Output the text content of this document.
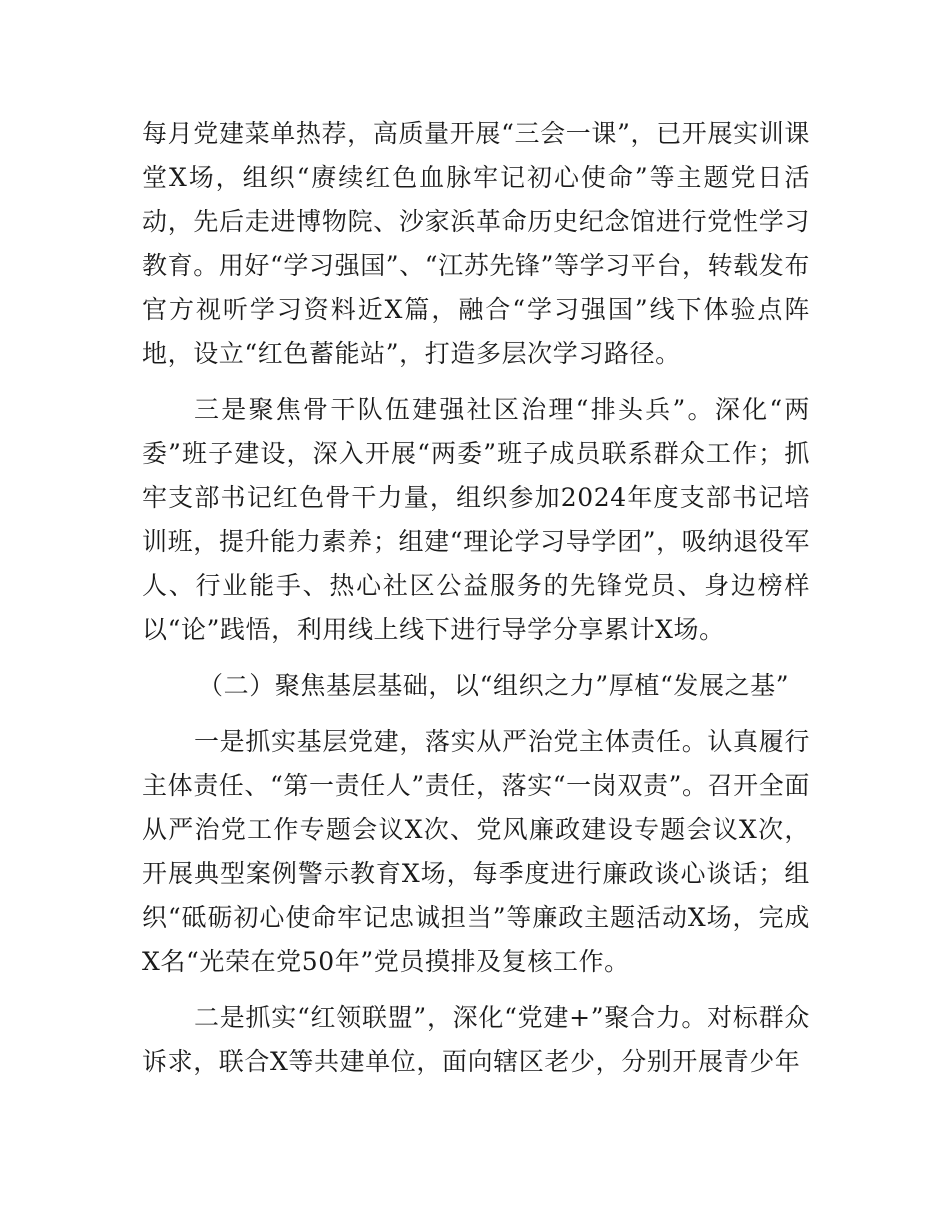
每月党建菜单热荐，高质量开展“三会一课”，已开展实训课堂X场，组织“赓续红色血脉牢记初心使命”等主题党日活动，先后走进博物院、沙家浜革命历史纪念馆进行党性学习教育。用好“学习强国”、“江苏先锋”等学习平台，转载发布官方视听学习资料近X篇，融合“学习强国”线下体验点阵地，设立“红色蓄能站”，打造多层次学习路径。

三是聚焦骨干队伍建强社区治理“排头兵”。深化“两委”班子建设，深入开展“两委”班子成员联系群众工作；抓牢支部书记红色骨干力量，组织参加2024年度支部书记培训班，提升能力素养；组建“理论学习导学团”，吸纳退役军人、行业能手、热心社区公益服务的先锋党员、身边榜样以“论”践悟，利用线上线下进行导学分享累计X场。

（二）聚焦基层基础，以“组织之力”厚植“发展之基”

一是抓实基层党建，落实从严治党主体责任。认真履行主体责任、“第一责任人”责任，落实“一岗双责”。召开全面从严治党工作专题会议X次、党风廉政建设专题会议X次，开展典型案例警示教育X场，每季度进行廉政谈心谈话；组织“砥砺初心使命牢记忠诚担当”等廉政主题活动X场，完成X名“光荣在党50年”党员摸排及复核工作。

二是抓实“红领联盟”，深化“党建+”聚合力。对标群众诉求，联合X等共建单位，面向辖区老少，分别开展青少年
